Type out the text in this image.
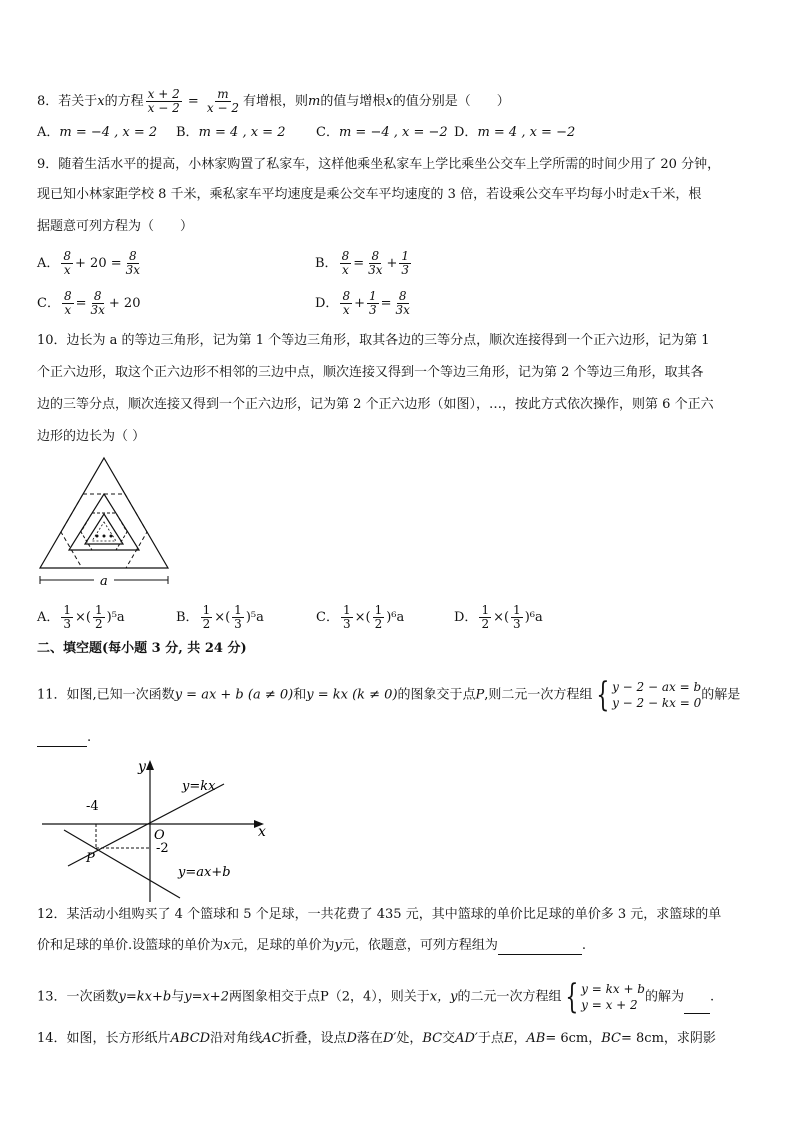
8．若关于x的方程 $\frac{x + 2}{x - 2} = \frac{m}{x - 2}$ 有增根，则m的值与增根x的值分别是（　　）
A．m = −4 , x = 2 B．m = 4 , x = 2 C．m = −4 , x = −2 D．m = 4 , x = −2
9．随着生活水平的提高，小林家购置了私家车，这样他乘坐私家车上学比乘坐公交车上学所需的时间少用了 20 分钟，
现已知小林家距学校 8 千米，乘私家车平均速度是乘公交车平均速度的 3 倍，若设乘公交车平均每小时走x千米，根
据题意可列方程为（　　）
A． $\frac{8}{x} + 20 = \frac{8}{3x}$	B． $\frac{8}{x} = \frac{8}{3x} + \frac{1}{3}$
C． $\frac{8}{x} = \frac{8}{3x} + 20$	D． $\frac{8}{x} + \frac{1}{3} = \frac{8}{3x}$
10．边长为 a 的等边三角形，记为第 1 个等边三角形，取其各边的三等分点，顺次连接得到一个正六边形，记为第 1
个正六边形，取这个正六边形不相邻的三边中点，顺次连接又得到一个等边三角形，记为第 2 个等边三角形，取其各
边的三等分点，顺次连接又得到一个正六边形，记为第 2 个正六边形（如图），…，按此方式依次操作，则第 6 个正六
边形的边长为（ ）
a
A． $\frac{1}{3}$ ×( $\frac{1}{2} )^5a$	B． $\frac{1}{2}$ ×( $\frac{1}{3} )^5a$	C． $\frac{1}{3}$ ×( $\frac{1}{2} )^6a$	D． $\frac{1}{2}$ ×( $\frac{1}{3} )^6a$
二、填空题(每小题 3 分, 共 24 分)
11．如图,已知一次函数y = ax + b (a ≠ 0)和y = kx (k ≠ 0)的图象交于点P,则二元一次方程组 { y − 2 − ax = b
y − 2 − kx = 0
的解是
.
x
y
O
y=kx
y=ax+b
-4
-2
P
12．某活动小组购买了 4 个篮球和 5 个足球，一共花费了 435 元，其中篮球的单价比足球的单价多 3 元，求篮球的单
价和足球的单价.设篮球的单价为x元，足球的单价为y元，依题意，可列方程组为	.
13．一次函数y=kx+b与y=x+2两图象相交于点P（2，4），则关于x，y的二元一次方程组 { y = kx + b
y = x + 2
的解为 .
14．如图，长方形纸片ABCD沿对角线AC折叠，设点D落在D′处，BC交AD′于点E，AB= 6cm，BC= 8cm，求阴影
